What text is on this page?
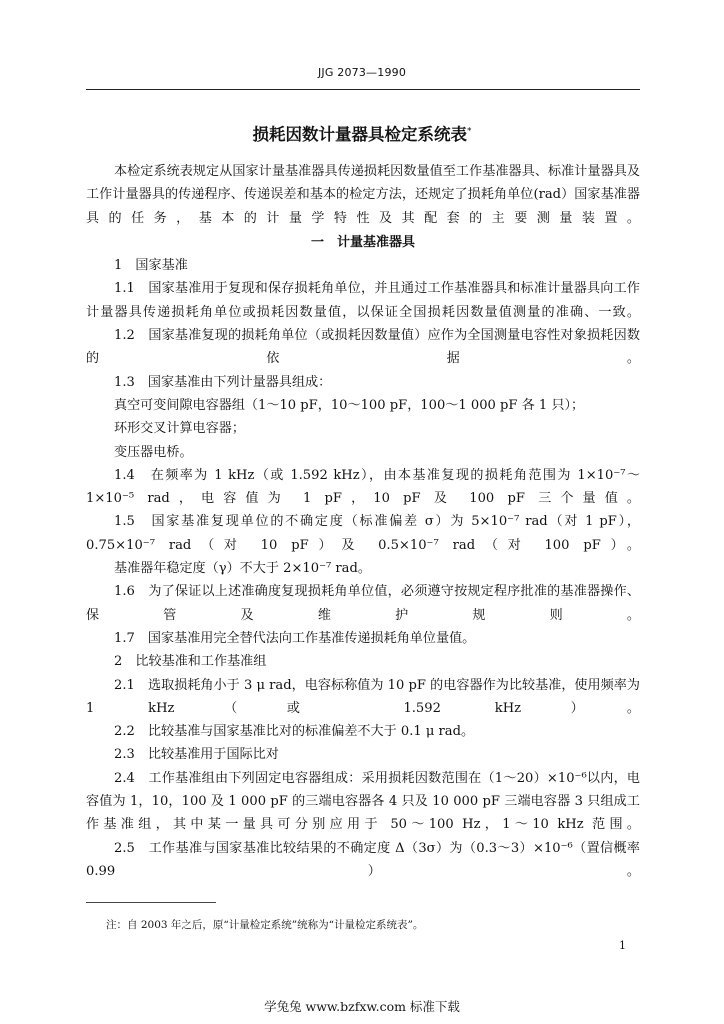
JJG 2073—1990
损耗因数计量器具检定系统表*

本检定系统表规定从国家计量基准器具传递损耗因数量值至工作基准器具、标准计量器具及工作计量器具的传递程序、传递误差和基本的检定方法，还规定了损耗角单位(rad）国家基准器具的任务，基本的计量学特性及其配套的主要测量装置。

一　计量基准器具

1　国家基准

1.1　国家基准用于复现和保存损耗角单位，并且通过工作基准器具和标准计量器具向工作计量器具传递损耗角单位或损耗因数量值，以保证全国损耗因数量值测量的准确、一致。

1.2　国家基准复现的损耗角单位（或损耗因数量值）应作为全国测量电容性对象损耗因数的依据。

1.3　国家基准由下列计量器具组成：

真空可变间隙电容器组（1～10 pF，10～100 pF，100～1 000 pF 各 1 只）；

环形交叉计算电容器；

变压器电桥。

1.4　在频率为 1 kHz（或 1.592 kHz），由本基准复现的损耗角范围为 1×10⁻⁷～1×10⁻⁵ rad，电容值为 1 pF，10 pF 及 100 pF 三个量值。

1.5　国家基准复现单位的不确定度（标准偏差 σ）为 5×10⁻⁷ rad（对 1 pF），0.75×10⁻⁷ rad（对 10 pF）及 0.5×10⁻⁷ rad（对 100 pF）。

基准器年稳定度（γ）不大于 2×10⁻⁷ rad。

1.6　为了保证以上述准确度复现损耗角单位值，必须遵守按规定程序批准的基准器操作、保管及维护规则。

1.7　国家基准用完全替代法向工作基准传递损耗角单位量值。

2　比较基准和工作基准组

2.1　选取损耗角小于 3 μ rad，电容标称值为 10 pF 的电容器作为比较基准，使用频率为 1 kHz（或 1.592 kHz）。

2.2　比较基准与国家基准比对的标准偏差不大于 0.1 μ rad。

2.3　比较基准用于国际比对

2.4　工作基准组由下列固定电容器组成：采用损耗因数范围在（1～20）×10⁻⁶以内，电容值为 1，10，100 及 1 000 pF 的三端电容器各 4 只及 10 000 pF 三端电容器 3 只组成工作基准组，其中某一量具可分别应用于 50～100 Hz，1～10 kHz 范围。

2.5　工作基准与国家基准比较结果的不确定度 Δ（3σ）为（0.3～3）×10⁻⁶（置信概率 0.99）。

注：自 2003 年之后，原“计量检定系统”统称为“计量检定系统表”。
1
学兔兔 www.bzfxw.com 标准下载
